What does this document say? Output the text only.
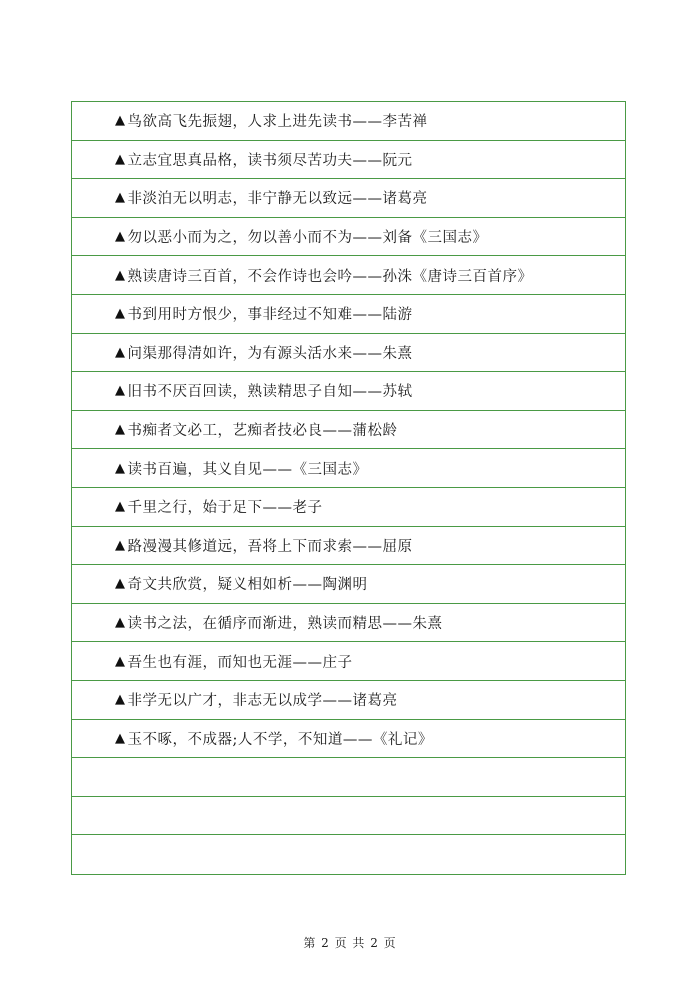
▲ 鸟欲高飞先振翅，人求上进先读书——李苦禅
▲ 立志宜思真品格，读书须尽苦功夫——阮元
▲ 非淡泊无以明志，非宁静无以致远——诸葛亮
▲ 勿以恶小而为之，勿以善小而不为——刘备《三国志》
▲ 熟读唐诗三百首，不会作诗也会吟——孙洙《唐诗三百首序》
▲ 书到用时方恨少，事非经过不知难——陆游
▲ 问渠那得清如许，为有源头活水来——朱熹
▲ 旧书不厌百回读，熟读精思子自知——苏轼
▲ 书痴者文必工，艺痴者技必良——蒲松龄
▲ 读书百遍，其义自见——《三国志》
▲ 千里之行，始于足下——老子
▲ 路漫漫其修道远，吾将上下而求索——屈原
▲ 奇文共欣赏，疑义相如析——陶渊明
▲ 读书之法，在循序而渐进，熟读而精思——朱熹
▲ 吾生也有涯，而知也无涯——庄子
▲ 非学无以广才，非志无以成学——诸葛亮
▲ 玉不啄，不成器;人不学，不知道——《礼记》
第 2 页 共 2 页
